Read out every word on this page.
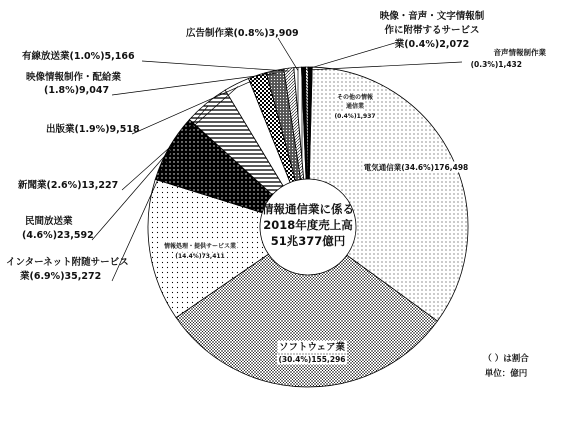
情報通信業に係る
2018年度売上高
51兆377億円
電気通信業(34.6%)176,498
ソフトウェア業
(30.4%)155,296
情報処理・提供サービス業
(14.4%)73,411
その他の情報
通信業
(0.4%)1,937
有線放送業(1.0%)5,166
映像情報制作・配給業
(1.8%)9,047
出版業(1.9%)9,518
新聞業(2.6%)13,227
民間放送業
(4.6%)23,592
インターネット附随サービス
業(6.9%)35,272
広告制作業(0.8%)3,909
映像・音声・文字情報制
作に附帯するサービス
業(0.4%)2,072
音声情報制作業
(0.3%)1,432
（ ）は割合
単位：億円
